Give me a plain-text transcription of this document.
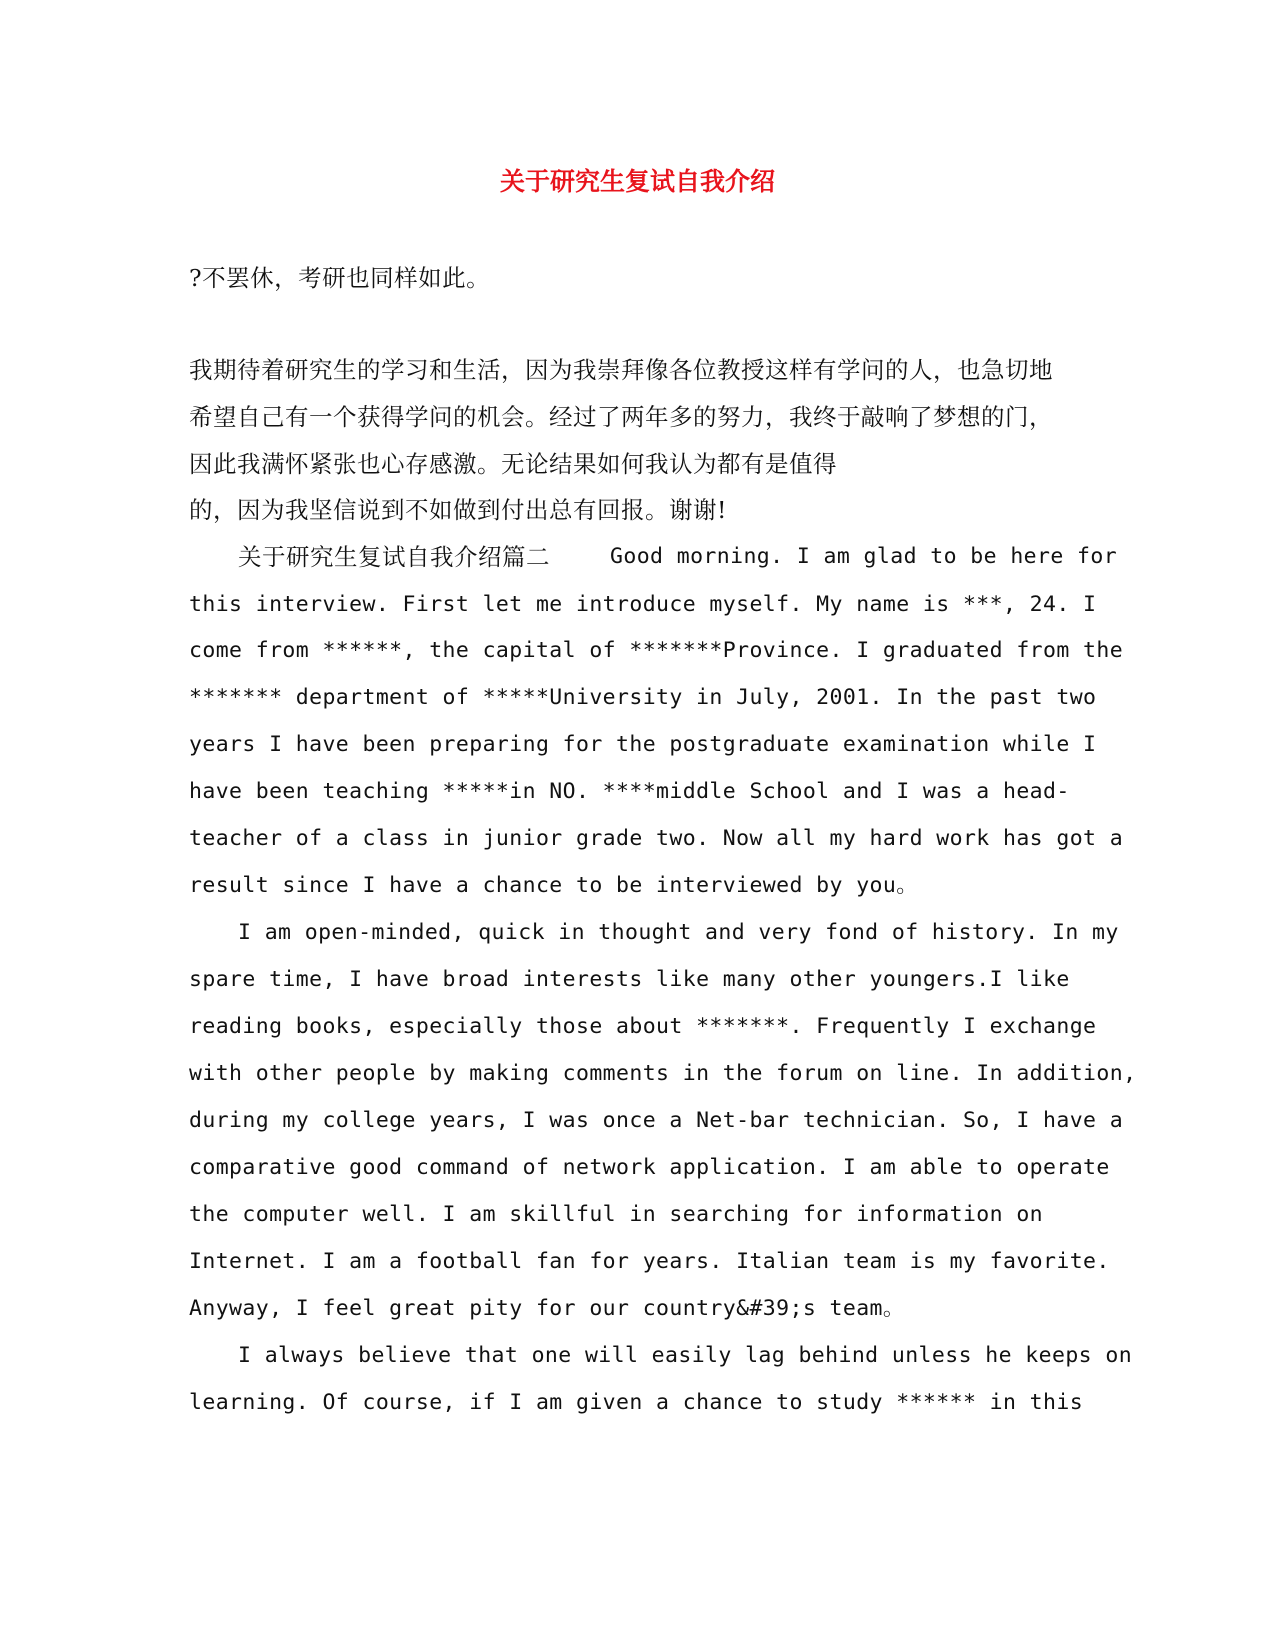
关于研究生复试自我介绍

?不罢休，考研也同样如此。

我期待着研究生的学习和生活，因为我崇拜像各位教授这样有学问的人，也急切地

希望自己有一个获得学问的机会。经过了两年多的努力，我终于敲响了梦想的门，

因此我满怀紧张也心存感激。无论结果如何我认为都有是值得

的，因为我坚信说到不如做到付出总有回报。谢谢!

关于研究生复试自我介绍篇二	Good morning. I am glad to be here for

this interview. First let me introduce myself. My name is ***, 24. I

come from ******, the capital of *******Province. I graduated from the

******* department of *****University in July, 2001. In the past two

years I have been preparing for the postgraduate examination while I

have been teaching *****in NO. ****middle School and I was a head-

teacher of a class in junior grade two. Now all my hard work has got a

result since I have a chance to be interviewed by you。

I am open-minded, quick in thought and very fond of history. In my

spare time, I have broad interests like many other youngers.I like

reading books, especially those about *******. Frequently I exchange

with other people by making comments in the forum on line. In addition,

during my college years, I was once a Net-bar technician. So, I have a

comparative good command of network application. I am able to operate

the computer well. I am skillful in searching for information on

Internet. I am a football fan for years. Italian team is my favorite.

Anyway, I feel great pity for our country&#39;s team。

I always believe that one will easily lag behind unless he keeps on

learning. Of course, if I am given a chance to study ****** in this
